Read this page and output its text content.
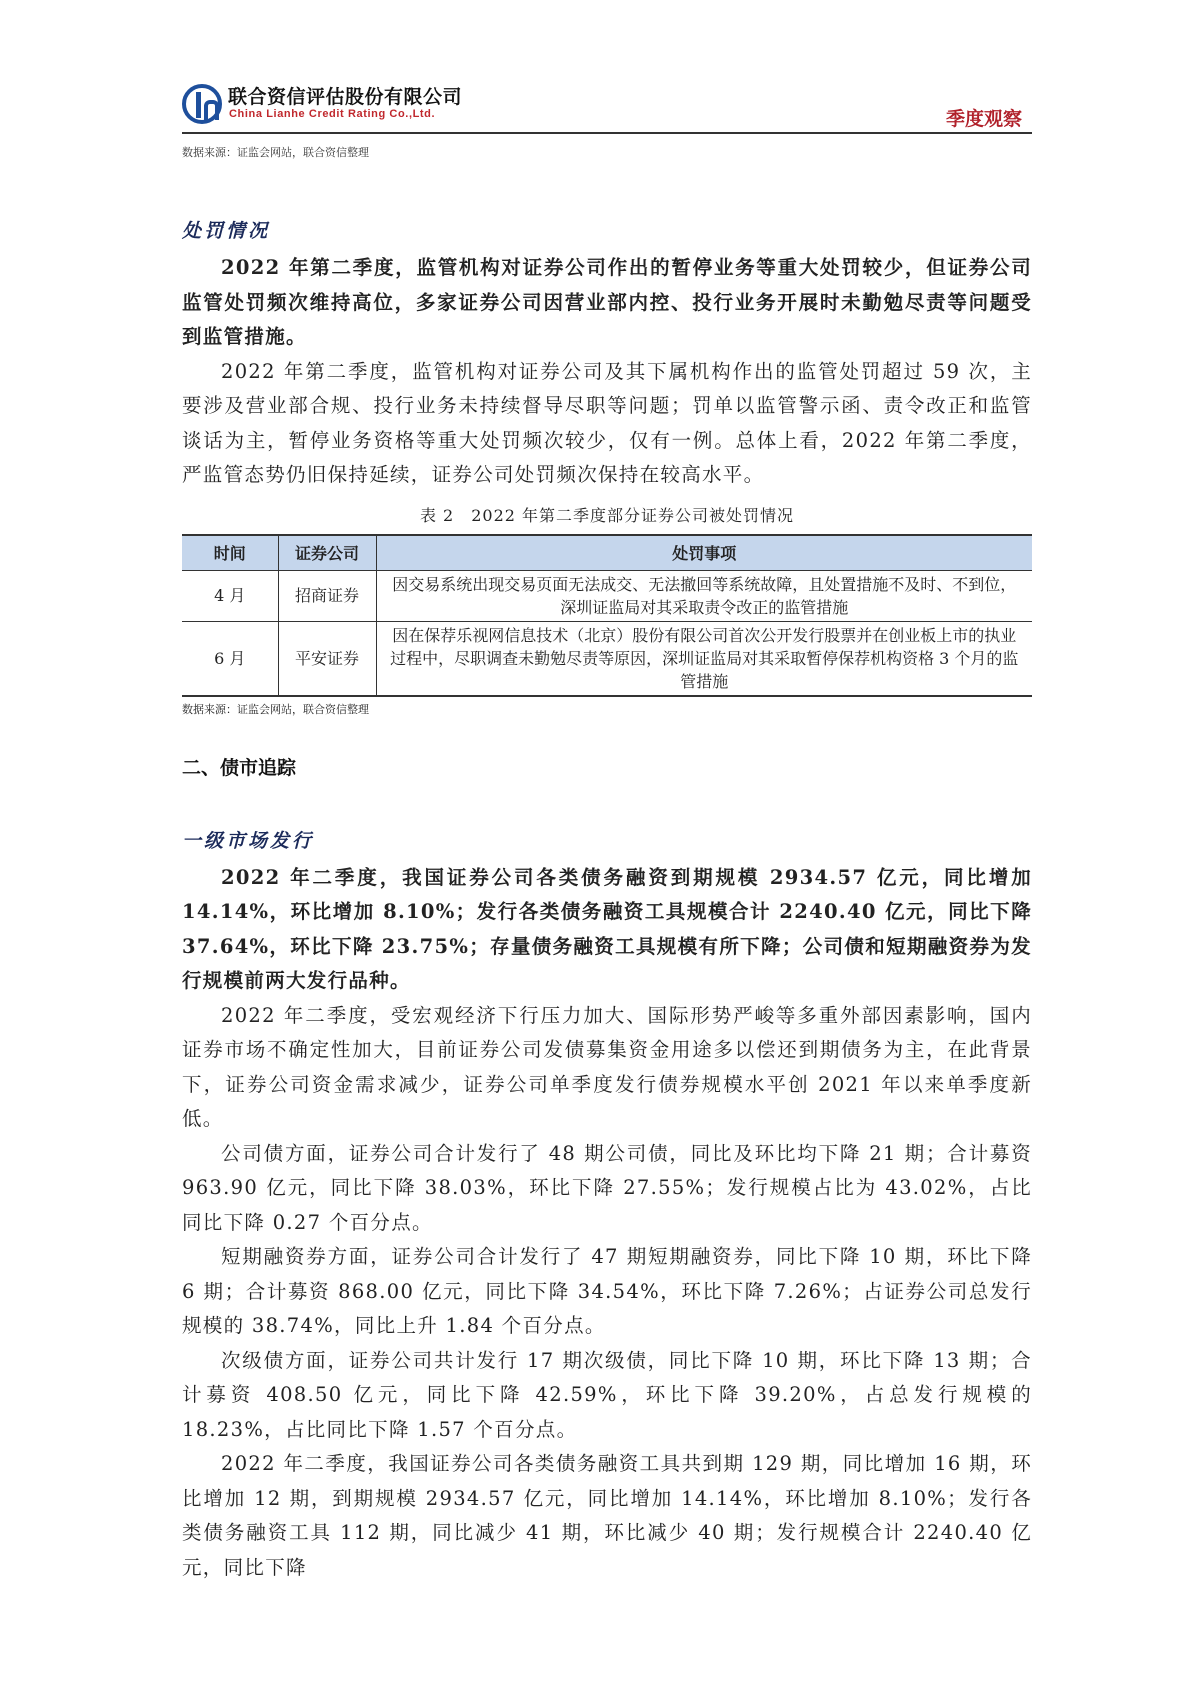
联合资信评估股份有限公司
China Lianhe Credit Rating Co.,Ltd.	季度观察
数据来源：证监会网站，联合资信整理
处罚情况

2022 年第二季度，监管机构对证券公司作出的暂停业务等重大处罚较少，但证券公司监管处罚频次维持高位，多家证券公司因营业部内控、投行业务开展时未勤勉尽责等问题受到监管措施。

2022 年第二季度，监管机构对证券公司及其下属机构作出的监管处罚超过 59 次，主要涉及营业部合规、投行业务未持续督导尽职等问题；罚单以监管警示函、责令改正和监管谈话为主，暂停业务资格等重大处罚频次较少，仅有一例。总体上看，2022 年第二季度，严监管态势仍旧保持延续，证券公司处罚频次保持在较高水平。

表 2　2022 年第二季度部分证券公司被处罚情况
时间	证券公司	处罚事项
4 月	招商证券	因交易系统出现交易页面无法成交、无法撤回等系统故障，且处置措施不及时、不到位，深圳证监局对其采取责令改正的监管措施
6 月	平安证券	因在保荐乐视网信息技术（北京）股份有限公司首次公开发行股票并在创业板上市的执业过程中，尽职调查未勤勉尽责等原因，深圳证监局对其采取暂停保荐机构资格 3 个月的监管措施
数据来源：证监会网站，联合资信整理
二、债市追踪
一级市场发行

2022 年二季度，我国证券公司各类债务融资到期规模 2934.57 亿元，同比增加 14.14%，环比增加 8.10%；发行各类债务融资工具规模合计 2240.40 亿元，同比下降 37.64%，环比下降 23.75%；存量债务融资工具规模有所下降；公司债和短期融资券为发行规模前两大发行品种。

2022 年二季度，受宏观经济下行压力加大、国际形势严峻等多重外部因素影响，国内证券市场不确定性加大，目前证券公司发债募集资金用途多以偿还到期债务为主，在此背景下，证券公司资金需求减少，证券公司单季度发行债券规模水平创 2021 年以来单季度新低。

公司债方面，证券公司合计发行了 48 期公司债，同比及环比均下降 21 期；合计募资 963.90 亿元，同比下降 38.03%，环比下降 27.55%；发行规模占比为 43.02%，占比同比下降 0.27 个百分点。

短期融资券方面，证券公司合计发行了 47 期短期融资券，同比下降 10 期，环比下降 6 期；合计募资 868.00 亿元，同比下降 34.54%，环比下降 7.26%；占证券公司总发行规模的 38.74%，同比上升 1.84 个百分点。

次级债方面，证券公司共计发行 17 期次级债，同比下降 10 期，环比下降 13 期；合计募资 408.50 亿元，同比下降 42.59%，环比下降 39.20%，占总发行规模的 18.23%，占比同比下降 1.57 个百分点。

2022 年二季度，我国证券公司各类债务融资工具共到期 129 期，同比增加 16 期，环比增加 12 期，到期规模 2934.57 亿元，同比增加 14.14%，环比增加 8.10%；发行各类债务融资工具 112 期，同比减少 41 期，环比减少 40 期；发行规模合计 2240.40 亿元，同比下降
